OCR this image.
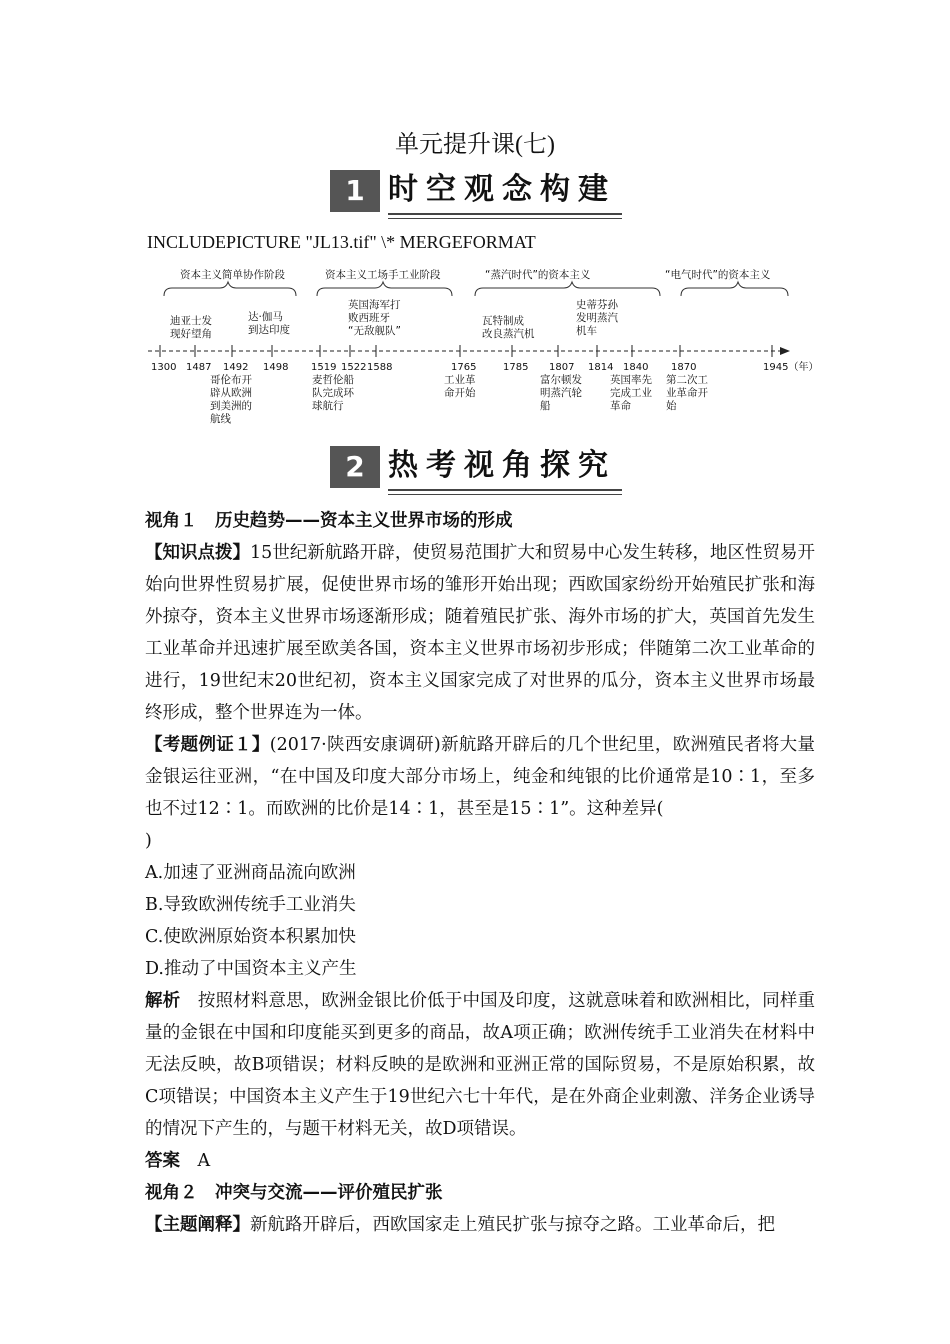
单元提升课(七)
1 时空观念构建
INCLUDEPICTURE "JL13.tif" \* MERGEFORMAT
资本主义简单协作阶段	资本主义工场手工业阶段	“蒸汽时代”的资本主义	“电气时代”的资本主义
迪亚士发现好望角
达·伽马到达印度
英国海军打败西班牙“无敌舰队”
瓦特制成改良蒸汽机
史蒂芬孙发明蒸汽机车
1300 1487 1492 1498 1519 1522 1588	1765	1785 1807 1814 1840 1870	1945（年）
哥伦布开辟从欧洲到美洲的航线
麦哲伦船队完成环球航行
工业革命开始
富尔顿发明蒸汽轮船
英国率先完成工业革命
第二次工业革命开始
2 热考视角探究

视角１　历史趋势——资本主义世界市场的形成

【知识点拨】15世纪新航路开辟，使贸易范围扩大和贸易中心发生转移，地区性贸易开始向世界性贸易扩展，促使世界市场的雏形开始出现；西欧国家纷纷开始殖民扩张和海外掠夺，资本主义世界市场逐渐形成；随着殖民扩张、海外市场的扩大，英国首先发生工业革命并迅速扩展至欧美各国，资本主义世界市场初步形成；伴随第二次工业革命的进行，19世纪末20世纪初，资本主义国家完成了对世界的瓜分，资本主义世界市场最终形成，整个世界连为一体。

【考题例证１】(2017·陕西安康调研)新航路开辟后的几个世纪里，欧洲殖民者将大量金银运往亚洲，“在中国及印度大部分市场上，纯金和纯银的比价通常是10∶1，至多也不过12∶1。而欧洲的比价是14∶1，甚至是15∶1”。这种差异(

)

A.加速了亚洲商品流向欧洲

B.导致欧洲传统手工业消失

C.使欧洲原始资本积累加快

D.推动了中国资本主义产生

解析　 按照材料意思，欧洲金银比价低于中国及印度，这就意味着和欧洲相比，同样重量的金银在中国和印度能买到更多的商品，故A项正确；欧洲传统手工业消失在材料中无法反映，故B项错误；材料反映的是欧洲和亚洲正常的国际贸易，不是原始积累，故C项错误；中国资本主义产生于19世纪六七十年代，是在外商企业刺激、洋务企业诱导的情况下产生的，与题干材料无关，故D项错误。

答案　 A

视角２　冲突与交流——评价殖民扩张

【主题阐释】新航路开辟后，西欧国家走上殖民扩张与掠夺之路。工业革命后，把
